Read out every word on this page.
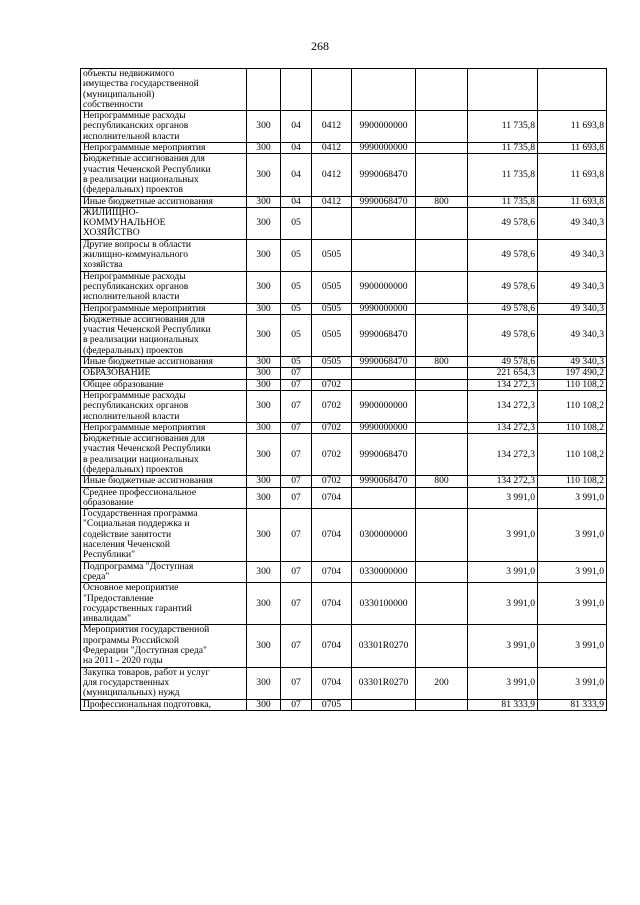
268
объекты недвижимого
имущества государственной
(муниципальной)
собственности							

Непрограммные расходы
республиканских органов
исполнительной власти	300	04	0412	9900000000		11 735,8	11 693,8

Непрограммные мероприятия	300	04	0412	9990000000		11 735,8	11 693,8

Бюджетные ассигнования для
участия Чеченской Республики
в реализации национальных
(федеральных) проектов	300	04	0412	9990068470		11 735,8	11 693,8

Иные бюджетные ассигнования	300	04	0412	9990068470	800	11 735,8	11 693,8

ЖИЛИЩНО-
КОММУНАЛЬНОЕ
ХОЗЯЙСТВО	300	05				49 578,6	49 340,3

Другие вопросы в области
жилищно-коммунального
хозяйства	300	05	0505			49 578,6	49 340,3

Непрограммные расходы
республиканских органов
исполнительной власти	300	05	0505	9900000000		49 578,6	49 340,3

Непрограммные мероприятия	300	05	0505	9990000000		49 578,6	49 340,3

Бюджетные ассигнования для
участия Чеченской Республики
в реализации национальных
(федеральных) проектов	300	05	0505	9990068470		49 578,6	49 340,3

Иные бюджетные ассигнования	300	05	0505	9990068470	800	49 578,6	49 340,3

ОБРАЗОВАНИЕ	300	07				221 654,3	197 490,2

Общее образование	300	07	0702			134 272,3	110 108,2

Непрограммные расходы
республиканских органов
исполнительной власти	300	07	0702	9900000000		134 272,3	110 108,2

Непрограммные мероприятия	300	07	0702	9990000000		134 272,3	110 108,2

Бюджетные ассигнования для
участия Чеченской Республики
в реализации национальных
(федеральных) проектов	300	07	0702	9990068470		134 272,3	110 108,2

Иные бюджетные ассигнования	300	07	0702	9990068470	800	134 272,3	110 108,2

Среднее профессиональное
образование	300	07	0704			3 991,0	3 991,0

Государственная программа
"Социальная поддержка и
содействие занятости
населения Чеченской
Республики"	300	07	0704	0300000000		3 991,0	3 991,0

Подпрограмма "Доступная
среда"	300	07	0704	0330000000		3 991,0	3 991,0

Основное мероприятие
"Предоставление
государственных гарантий
инвалидам"	300	07	0704	0330100000		3 991,0	3 991,0

Мероприятия государственной
программы Российской
Федерации "Доступная среда"
на 2011 - 2020 годы	300	07	0704	03301R0270		3 991,0	3 991,0

Закупка товаров, работ и услуг
для государственных
(муниципальных) нужд	300	07	0704	03301R0270	200	3 991,0	3 991,0

Профессиональная подготовка,	300	07	0705			81 333,9	81 333,9
